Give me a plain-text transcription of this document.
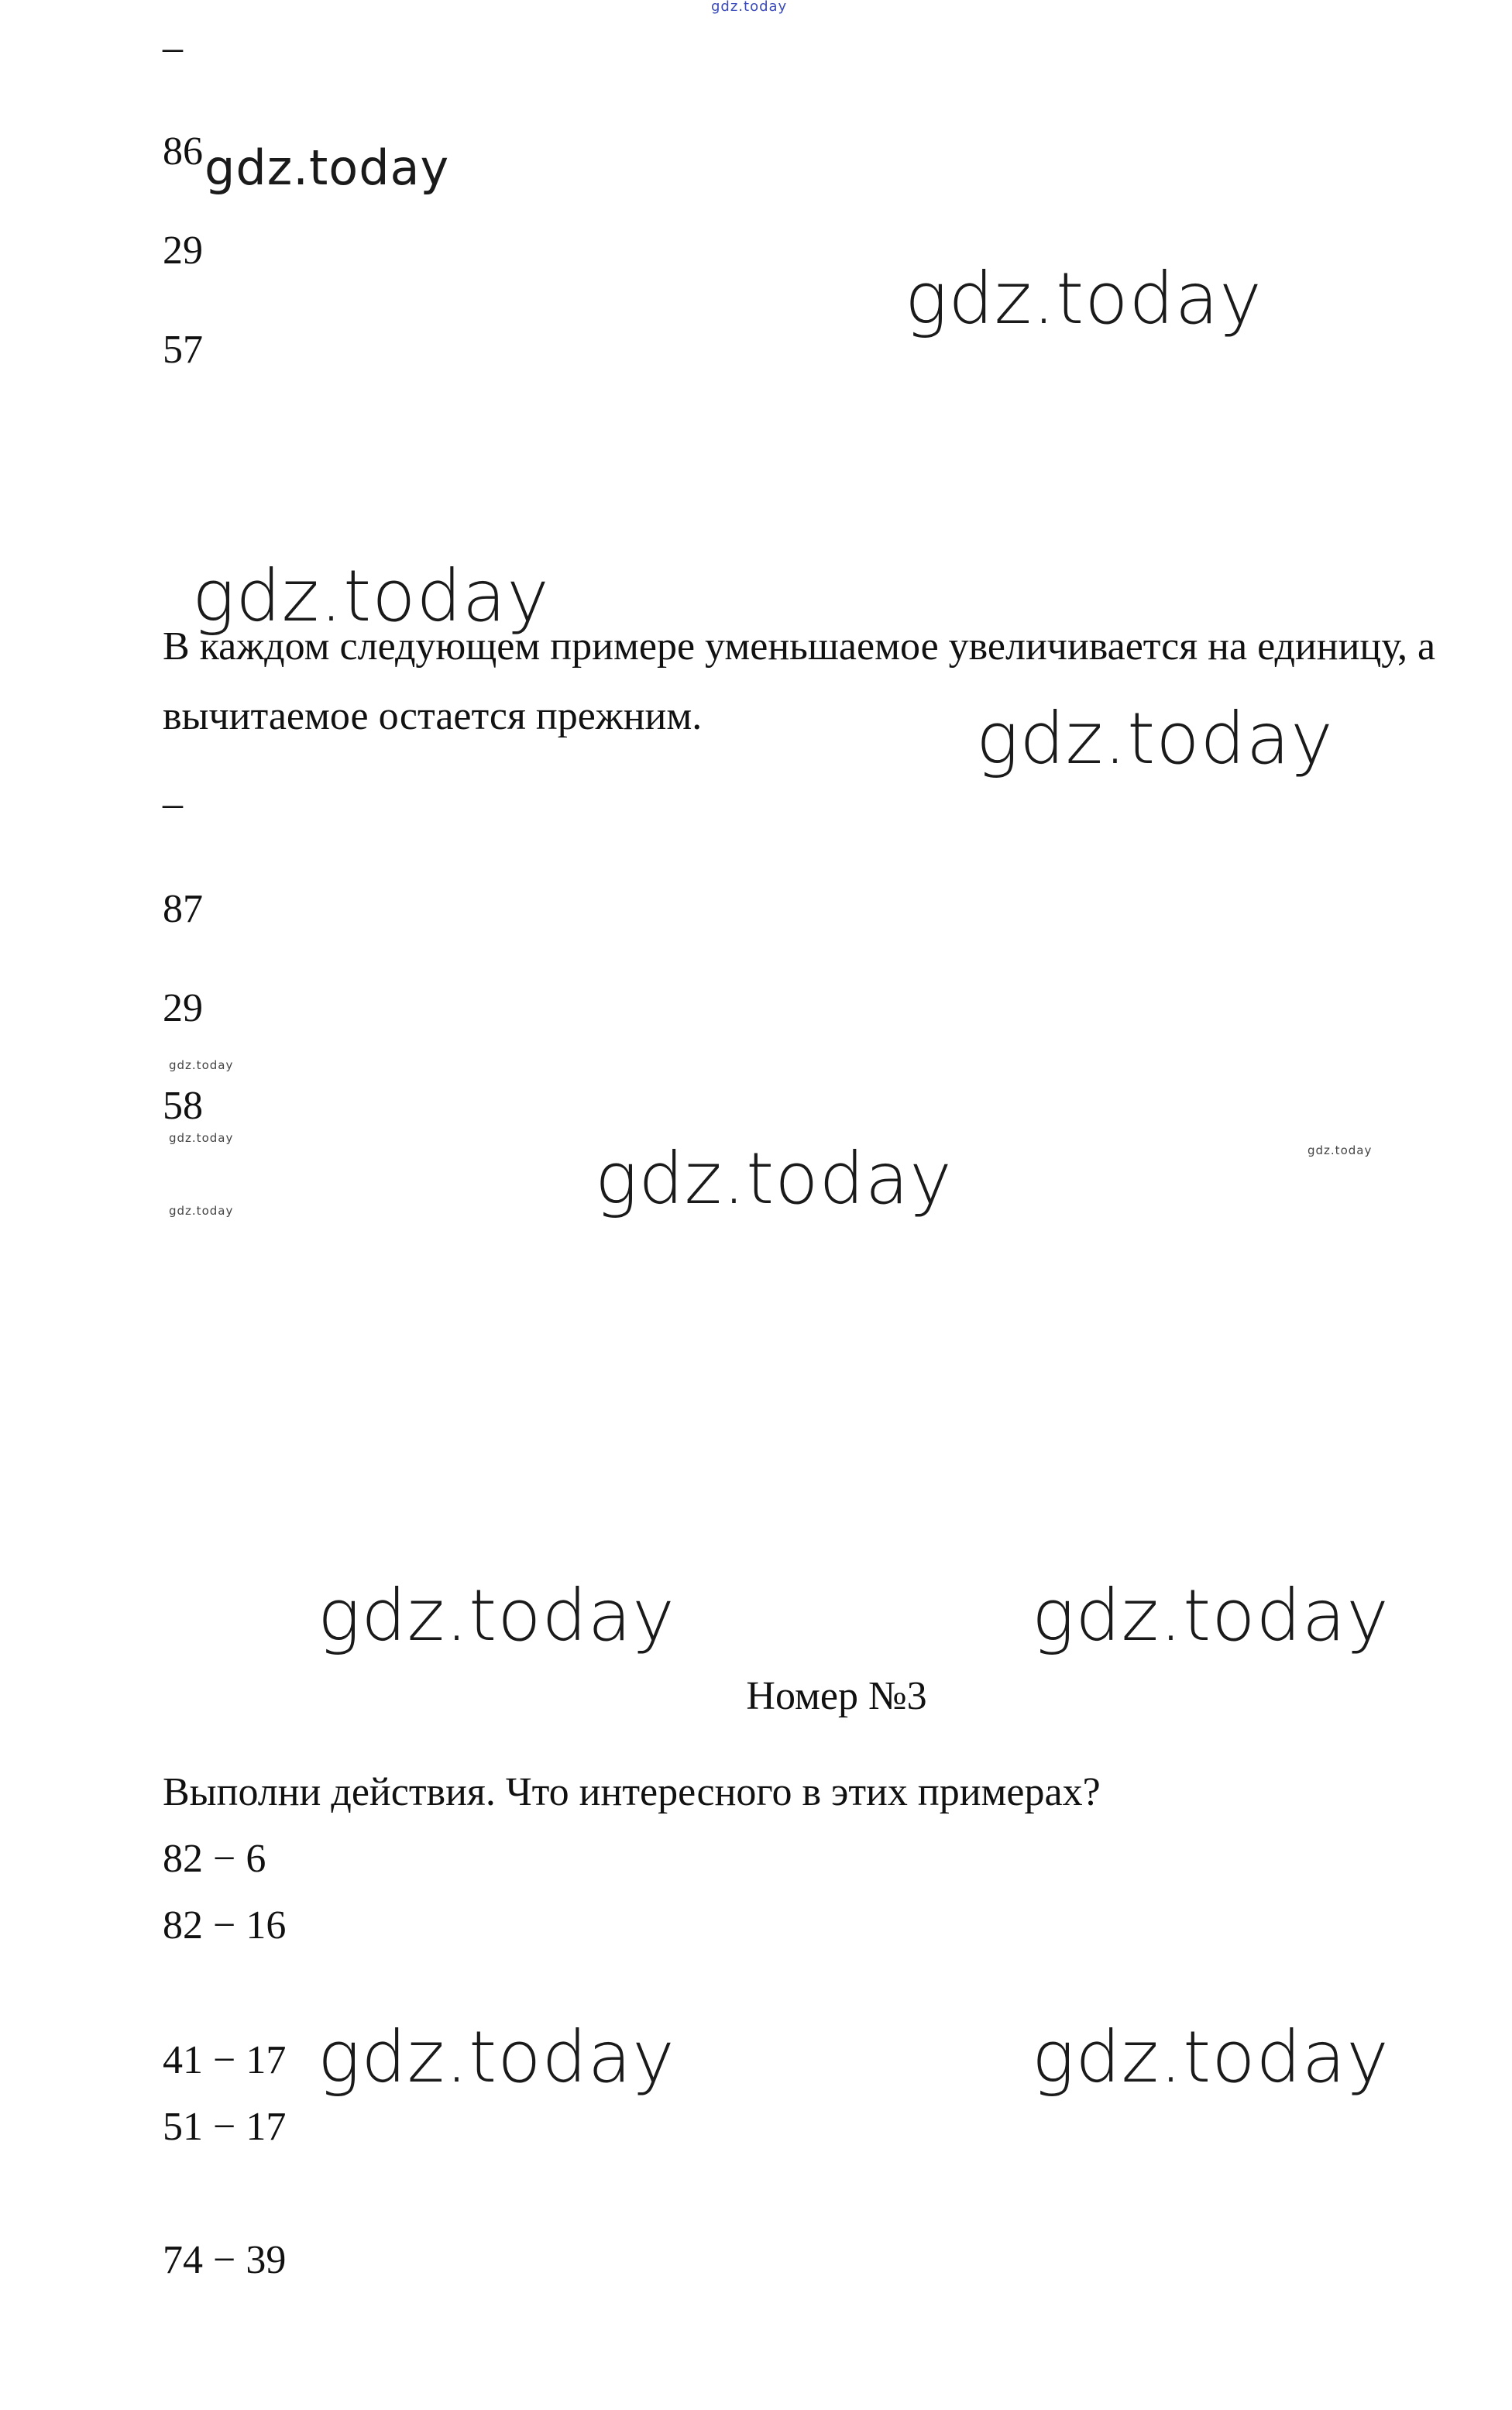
gdz.today
–
86 gdz.today
29
gdz.today
57
gdz.today
В каждом следующем примере уменьшаемое увеличивается на единицу, а вычитаемое остается прежним.	gdz.today
–
87
29
gdz.today
58
gdz.today
gdz.today
gdz.today
gdz.today
gdz.today	gdz.today
Номер №3
Выполни действия. Что интересного в этих примерах?
82 − 6
82 − 16
41 − 17 gdz.today	gdz.today
51 − 17
74 − 39
